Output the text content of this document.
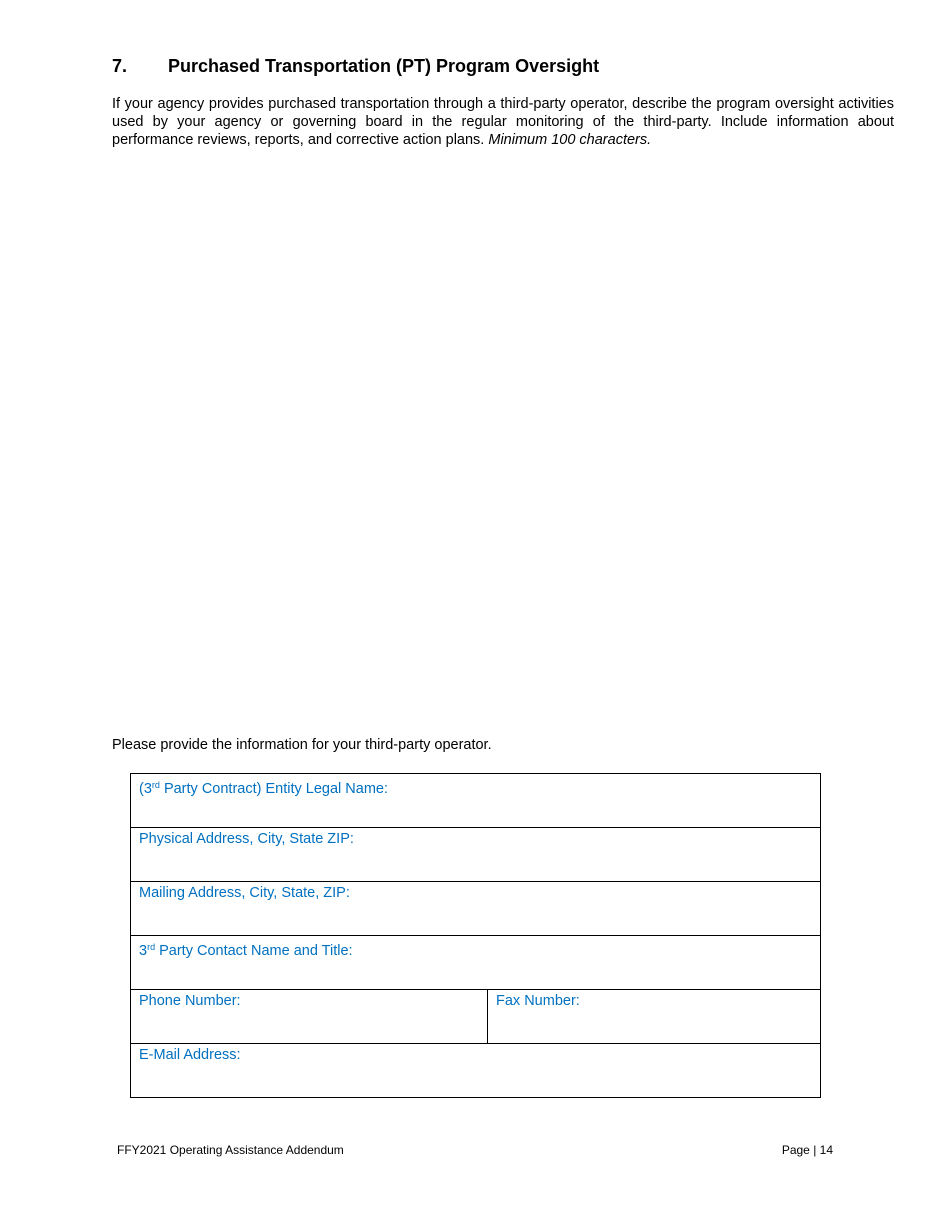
7.	Purchased Transportation (PT) Program Oversight

If your agency provides purchased transportation through a third-party operator, describe the program oversight activities used by your agency or governing board in the regular monitoring of the third-party. Include information about performance reviews, reports, and corrective action plans. Minimum 100 characters.

Please provide the information for your third-party operator.

(3rd Party Contract) Entity Legal Name:

Physical Address, City, State ZIP:

Mailing Address, City, State, ZIP:

3rd Party Contact Name and Title:

Phone Number:	Fax Number:

E-Mail Address:
FFY2021 Operating Assistance Addendum	Page | 14
